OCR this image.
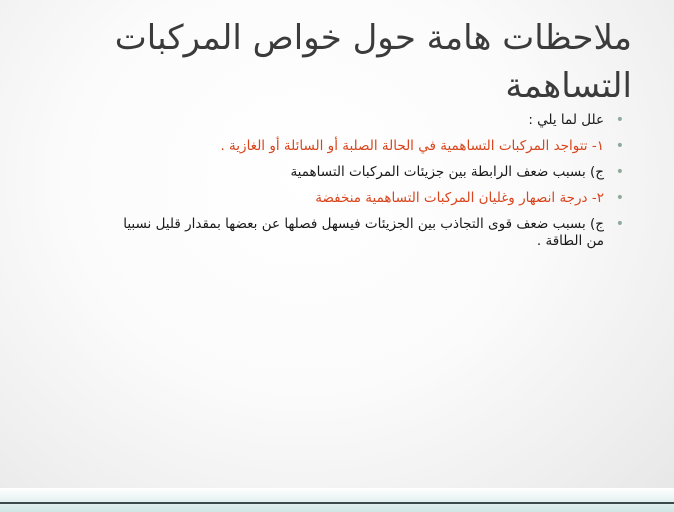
ملاحظات هامة حول خواص المركبات التساهمة
•
علل لما يلي :
•
١- تتواجد المركبات التساهمية في الحالة الصلبة أو السائلة أو الغازية .
•
ج) بسبب ضعف الرابطة بين جزيئات المركبات التساهمية
•
٢- درجة انصهار وغليان المركبات التساهمية منخفضة
•
ج) بسبب ضعف قوى التجاذب بين الجزيئات فيسهل فصلها عن بعضها بمقدار قليل نسبيا من الطاقة .
